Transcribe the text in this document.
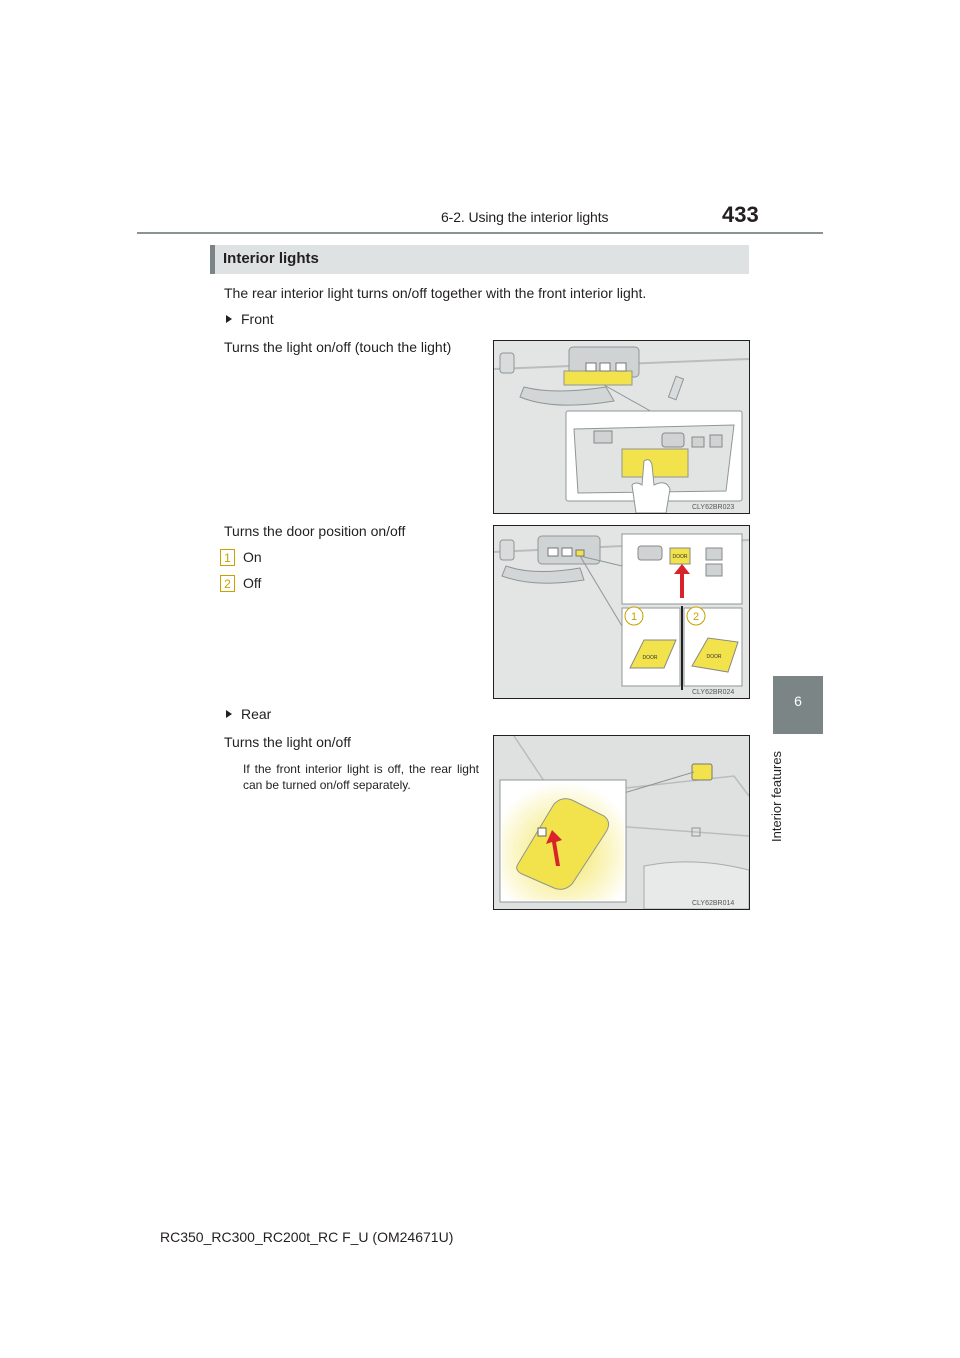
6-2. Using the interior lights	433
6
Interior features
Interior lights
The rear interior light turns on/off together with the front interior light.
Front
Turns the light on/off (touch the light)
Turns the door position on/off
1 On
2 Off
Rear
Turns the light on/off
If the front interior light is off, the rear light can be turned on/off separately.
CLY62BR023
DOOR
1	2
DOOR	DOOR
CLY62BR024
CLY62BR014
RC350_RC300_RC200t_RC F_U (OM24671U)
